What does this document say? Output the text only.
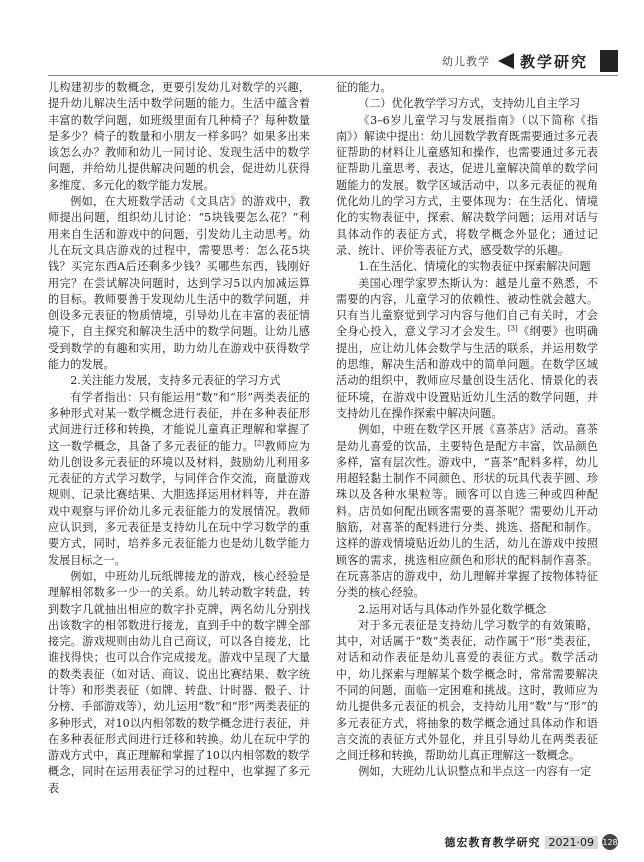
幼儿教学 教学研究

儿构建初步的数概念，更要引发幼儿对数学的兴趣，提升幼儿解决生活中数学问题的能力。生活中蕴含着丰富的数学问题，如班级里面有几种椅子？每种数量是多少？椅子的数量和小朋友一样多吗？如果多出来该怎么办？教师和幼儿一同讨论、发现生活中的数学问题，并给幼儿提供解决问题的机会，促进幼儿获得多维度、多元化的数学能力发展。

例如，在大班数学活动《文具店》的游戏中，教师提出问题，组织幼儿讨论：“5块钱要怎么花？”利用来自生活和游戏中的问题，引发幼儿主动思考。幼儿在玩文具店游戏的过程中，需要思考：怎么花5块钱？买完东西A后还剩多少钱？买哪些东西，钱刚好用完？在尝试解决问题时，达到学习5以内加减运算的目标。教师要善于发现幼儿生活中的数学问题，并创设多元表征的物质情境，引导幼儿在丰富的表征情境下，自主探究和解决生活中的数学问题。让幼儿感受到数学的有趣和实用，助力幼儿在游戏中获得数学能力的发展。

2.关注能力发展，支持多元表征的学习方式

有学者指出：只有能运用“数”和“形”两类表征的多种形式对某一数学概念进行表征，并在多种表征形式间进行迁移和转换，才能说儿童真正理解和掌握了这一数学概念，具备了多元表征的能力。[2]教师应为幼儿创设多元表征的环境以及材料，鼓励幼儿利用多元表征的方式学习数学，与同伴合作交流，商量游戏规则、记录比赛结果、大胆选择运用材料等，并在游戏中观察与评价幼儿多元表征能力的发展情况。教师应认识到，多元表征是支持幼儿在玩中学习数学的重要方式，同时，培养多元表征能力也是幼儿数学能力发展目标之一。

例如，中班幼儿玩纸牌接龙的游戏，核心经验是理解相邻数多一少一的关系。幼儿转动数字转盘，转到数字几就抽出相应的数字扑克牌，两名幼儿分别找出该数字的相邻数进行接龙，直到手中的数字牌全部接完。游戏规则由幼儿自己商议，可以各自接龙，比谁找得快；也可以合作完成接龙。游戏中呈现了大量的数类表征（如对话、商议、说出比赛结果、数字统计等）和形类表征（如牌、转盘、计时器、骰子、计分榜、手部游戏等），幼儿运用“数”和“形”两类表征的多种形式，对10以内相邻数的数学概念进行表征，并在多种表征形式间进行迁移和转换。幼儿在玩中学的游戏方式中，真正理解和掌握了10以内相邻数的数学概念，同时在运用表征学习的过程中，也掌握了多元表

征的能力。

（二）优化教学学习方式，支持幼儿自主学习

《3–6岁儿童学习与发展指南》（以下简称《指南》）解读中提出：幼儿园数学教育既需要通过多元表征帮助的材料让儿童感知和操作，也需要通过多元表征帮助儿童思考、表达，促进儿童解决简单的数学问题能力的发展。数学区域活动中，以多元表征的视角优化幼儿的学习方式，主要体现为：在生活化、情境化的实物表征中，探索、解决数学问题；运用对话与具体动作的表征方式，将数学概念外显化；通过记录、统计、评价等表征方式，感受数学的乐趣。

1.在生活化、情境化的实物表征中探索解决问题

美国心理学家罗杰斯认为：越是儿童不熟悉，不需要的内容，儿童学习的依赖性、被动性就会越大。只有当儿童察觉到学习内容与他们自己有关时，才会全身心投入，意义学习才会发生。[3]《纲要》也明确提出，应让幼儿体会数学与生活的联系，并运用数学的思维，解决生活和游戏中的简单问题。在数学区域活动的组织中，教师应尽量创设生活化、情景化的表征环境，在游戏中设置贴近幼儿生活的数学问题，并支持幼儿在操作探索中解决问题。

例如，中班在数学区开展《喜茶店》活动。喜茶是幼儿喜爱的饮品，主要特色是配方丰富，饮品颜色多样，富有层次性。游戏中，“喜茶”配料多样，幼儿用超轻黏土制作不同颜色、形状的玩具代表芋圆、珍珠以及各种水果粒等。顾客可以自选三种或四种配料。店员如何配出顾客需要的喜茶呢？需要幼儿开动脑筋，对喜茶的配料进行分类、挑选、搭配和制作。这样的游戏情境贴近幼儿的生活，幼儿在游戏中按照顾客的需求，挑选相应颜色和形状的配料制作喜茶。在玩喜茶店的游戏中，幼儿理解并掌握了按物体特征分类的核心经验。

2.运用对话与具体动作外显化数学概念

对于多元表征是支持幼儿学习数学的有效策略，其中，对话属于“数”类表征，动作属于“形”类表征，对话和动作表征是幼儿喜爱的表征方式。数学活动中，幼儿探索与理解某个数学概念时，常常需要解决不同的问题，面临一定困难和挑战。这时，教师应为幼儿提供多元表征的机会，支持幼儿用“数”与“形”的多元表征方式，将抽象的数学概念通过具体动作和语言交流的表征方式外显化，并且引导幼儿在两类表征之间迁移和转换，帮助幼儿真正理解这一数概念。

例如，大班幼儿认识整点和半点这一内容有一定

德宏教育教学研究 2021·09	128
